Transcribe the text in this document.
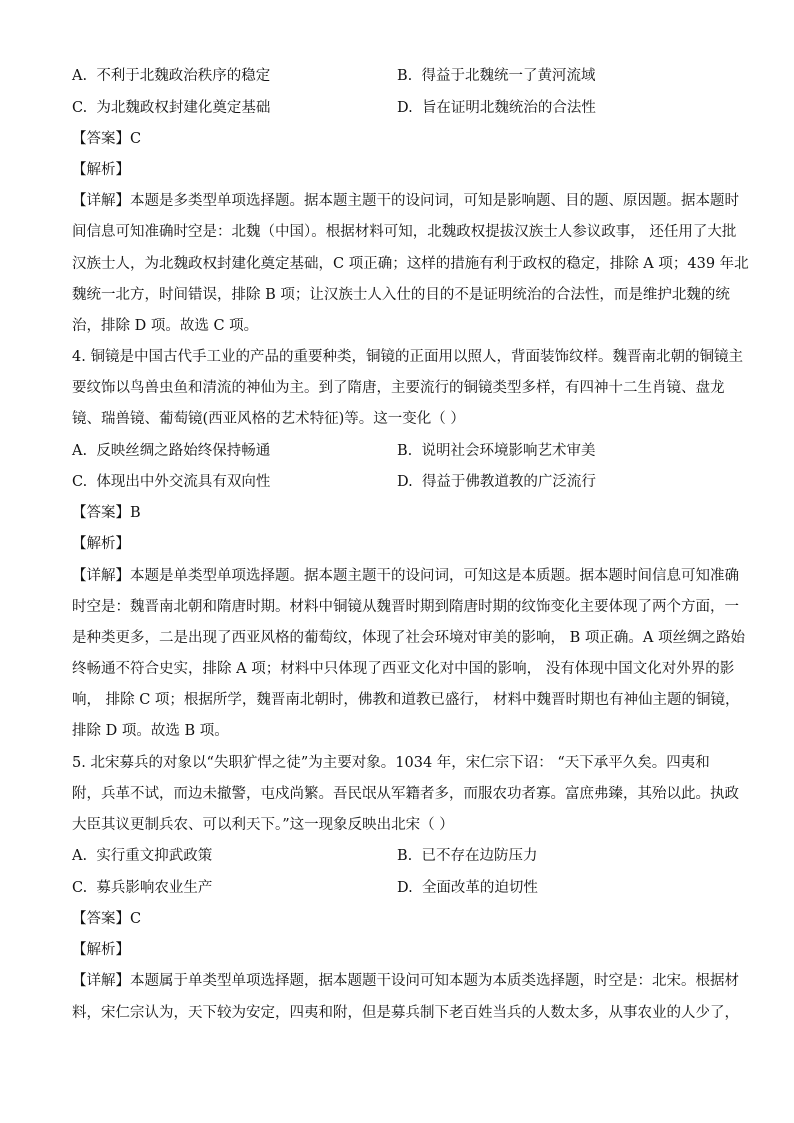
A. 不利于北魏政治秩序的稳定	B. 得益于北魏统一了黄河流域
C. 为北魏政权封建化奠定基础	D. 旨在证明北魏统治的合法性
【答案】C
【解析】
【详解】本题是多类型单项选择题。据本题主题干的设问词，可知是影响题、目的题、原因题。据本题时
间信息可知准确时空是：北魏（中国）。根据材料可知，北魏政权提拔汉族士人参议政事， 还任用了大批
汉族士人，为北魏政权封建化奠定基础，C 项正确；这样的措施有利于政权的稳定，排除 A 项；439 年北
魏统一北方，时间错误，排除 B 项；让汉族士人入仕的目的不是证明统治的合法性，而是维护北魏的统
治，排除 D 项。故选 C 项。
4. 铜镜是中国古代手工业的产品的重要种类，铜镜的正面用以照人，背面装饰纹样。魏晋南北朝的铜镜主
要纹饰以鸟兽虫鱼和清流的神仙为主。到了隋唐，主要流行的铜镜类型多样，有四神十二生肖镜、盘龙
镜、瑞兽镜、葡萄镜(西亚风格的艺术特征)等。这一变化（ ）
A. 反映丝绸之路始终保持畅通	B. 说明社会环境影响艺术审美
C. 体现出中外交流具有双向性	D. 得益于佛教道教的广泛流行
【答案】B
【解析】
【详解】本题是单类型单项选择题。据本题主题干的设问词，可知这是本质题。据本题时间信息可知准确
时空是：魏晋南北朝和隋唐时期。材料中铜镜从魏晋时期到隋唐时期的纹饰变化主要体现了两个方面，一
是种类更多，二是出现了西亚风格的葡萄纹，体现了社会环境对审美的影响， B 项正确。A 项丝绸之路始
终畅通不符合史实，排除 A 项；材料中只体现了西亚文化对中国的影响， 没有体现中国文化对外界的影
响， 排除 C 项；根据所学，魏晋南北朝时，佛教和道教已盛行， 材料中魏晋时期也有神仙主题的铜镜，
排除 D 项。故选 B 项。
5. 北宋募兵的对象以“失职犷悍之徒”为主要对象。1034 年，宋仁宗下诏： “天下承平久矣。四夷和
附，兵革不试，而边未撤警，屯戍尚繁。吾民氓从军籍者多，而服农功者寡。富庶弗臻，其殆以此。执政
大臣其议更制兵农、可以利天下。”这一现象反映出北宋（ ）
A. 实行重文抑武政策	B. 已不存在边防压力
C. 募兵影响农业生产	D. 全面改革的迫切性
【答案】C
【解析】
【详解】本题属于单类型单项选择题，据本题题干设问可知本题为本质类选择题，时空是：北宋。根据材
料，宋仁宗认为，天下较为安定，四夷和附，但是募兵制下老百姓当兵的人数太多，从事农业的人少了，
